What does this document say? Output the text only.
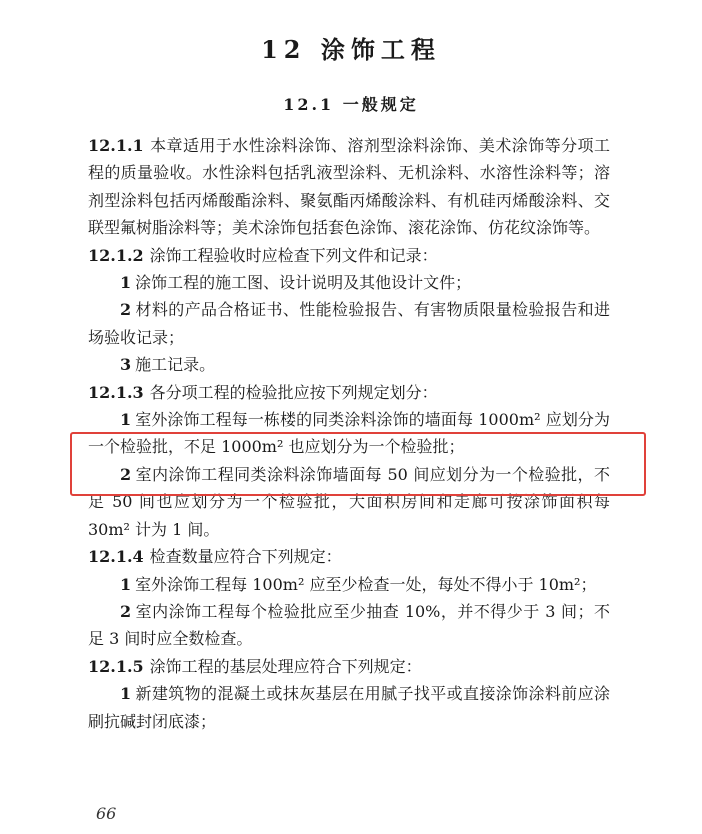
12 涂饰工程
12.1 一般规定

12.1.1 本章适用于水性涂料涂饰、溶剂型涂料涂饰、美术涂饰等分项工程的质量验收。水性涂料包括乳液型涂料、无机涂料、水溶性涂料等；溶剂型涂料包括丙烯酸酯涂料、聚氨酯丙烯酸涂料、有机硅丙烯酸涂料、交联型氟树脂涂料等；美术涂饰包括套色涂饰、滚花涂饰、仿花纹涂饰等。

12.1.2 涂饰工程验收时应检查下列文件和记录：

1 涂饰工程的施工图、设计说明及其他设计文件；

2 材料的产品合格证书、性能检验报告、有害物质限量检验报告和进场验收记录；

3 施工记录。

12.1.3 各分项工程的检验批应按下列规定划分：

1 室外涂饰工程每一栋楼的同类涂料涂饰的墙面每 1000m² 应划分为一个检验批，不足 1000m² 也应划分为一个检验批；

2 室内涂饰工程同类涂料涂饰墙面每 50 间应划分为一个检验批，不足 50 间也应划分为一个检验批，大面积房间和走廊可按涂饰面积每 30m² 计为 1 间。

12.1.4 检查数量应符合下列规定：

1 室外涂饰工程每 100m² 应至少检查一处，每处不得小于 10m²；

2 室内涂饰工程每个检验批应至少抽查 10%，并不得少于 3 间；不足 3 间时应全数检查。

12.1.5 涂饰工程的基层处理应符合下列规定：

1 新建筑物的混凝土或抹灰基层在用腻子找平或直接涂饰涂料前应涂刷抗碱封闭底漆；

66
